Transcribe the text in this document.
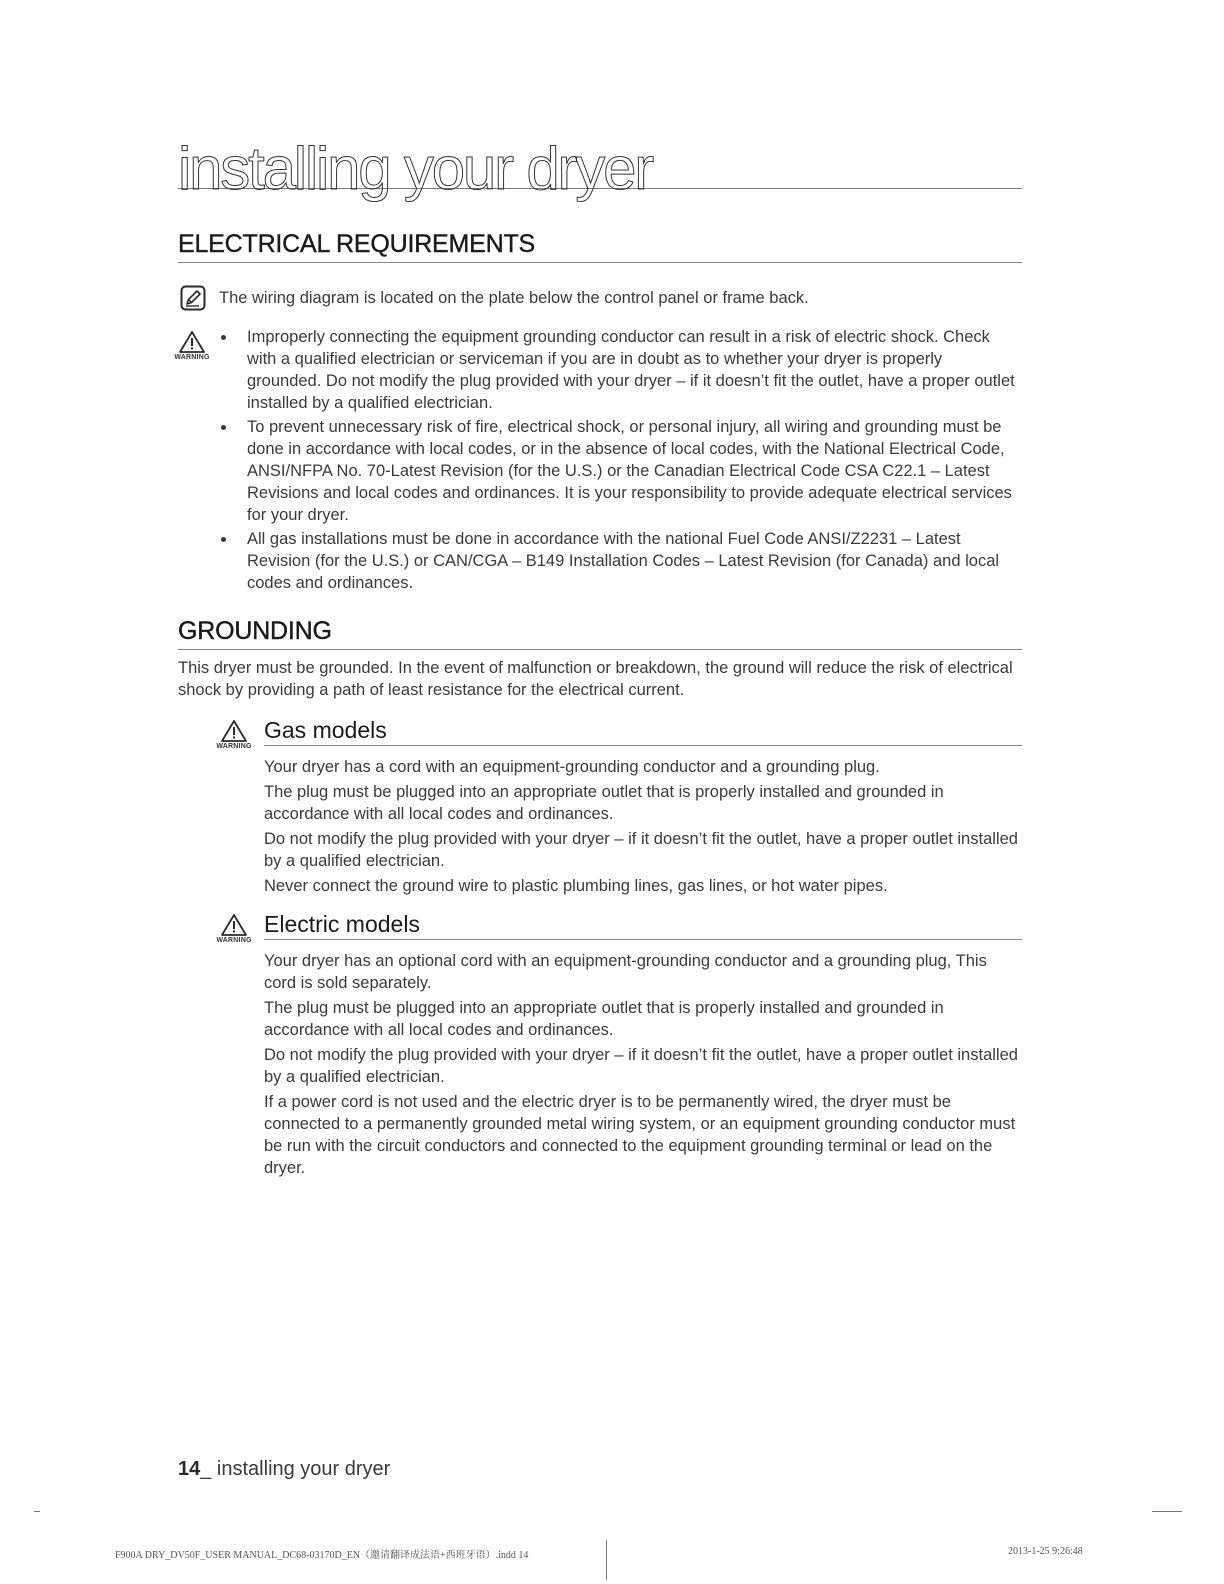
installing your dryer
ELECTRICAL REQUIREMENTS
The wiring diagram is located on the plate below the control panel or frame back.
WARNING
Improperly connecting the equipment grounding conductor can result in a risk of electric shock. Check with a qualified electrician or serviceman if you are in doubt as to whether your dryer is properly grounded. Do not modify the plug provided with your dryer – if it doesn’t fit the outlet, have a proper outlet installed by a qualified electrician.
To prevent unnecessary risk of fire, electrical shock, or personal injury, all wiring and grounding must be done in accordance with local codes, or in the absence of local codes, with the National Electrical Code, ANSI/NFPA No. 70-Latest Revision (for the U.S.) or the Canadian Electrical Code CSA C22.1 – Latest Revisions and local codes and ordinances. It is your responsibility to provide adequate electrical services for your dryer.
All gas installations must be done in accordance with the national Fuel Code ANSI/Z2231 – Latest Revision (for the U.S.) or CAN/CGA – B149 Installation Codes – Latest Revision (for Canada) and local codes and ordinances.
GROUNDING
This dryer must be grounded. In the event of malfunction or breakdown, the ground will reduce the risk of electrical shock by providing a path of least resistance for the electrical current.
WARNING
Gas models

Your dryer has a cord with an equipment-grounding conductor and a grounding plug.

The plug must be plugged into an appropriate outlet that is properly installed and grounded in accordance with all local codes and ordinances.

Do not modify the plug provided with your dryer – if it doesn’t fit the outlet, have a proper outlet installed by a qualified electrician.

Never connect the ground wire to plastic plumbing lines, gas lines, or hot water pipes.

WARNING
Electric models

Your dryer has an optional cord with an equipment-grounding conductor and a grounding plug, This cord is sold separately.

The plug must be plugged into an appropriate outlet that is properly installed and grounded in accordance with all local codes and ordinances.

Do not modify the plug provided with your dryer – if it doesn’t fit the outlet, have a proper outlet installed by a qualified electrician.

If a power cord is not used and the electric dryer is to be permanently wired, the dryer must be connected to a permanently grounded metal wiring system, or an equipment grounding conductor must be run with the circuit conductors and connected to the equipment grounding terminal or lead on the dryer.

14_ installing your dryer
F900A DRY_DV50F_USER MANUAL_DC68-03170D_EN（邀请翻译成法语+西班牙语）.indd 14	2013-1-25 9:26:48
